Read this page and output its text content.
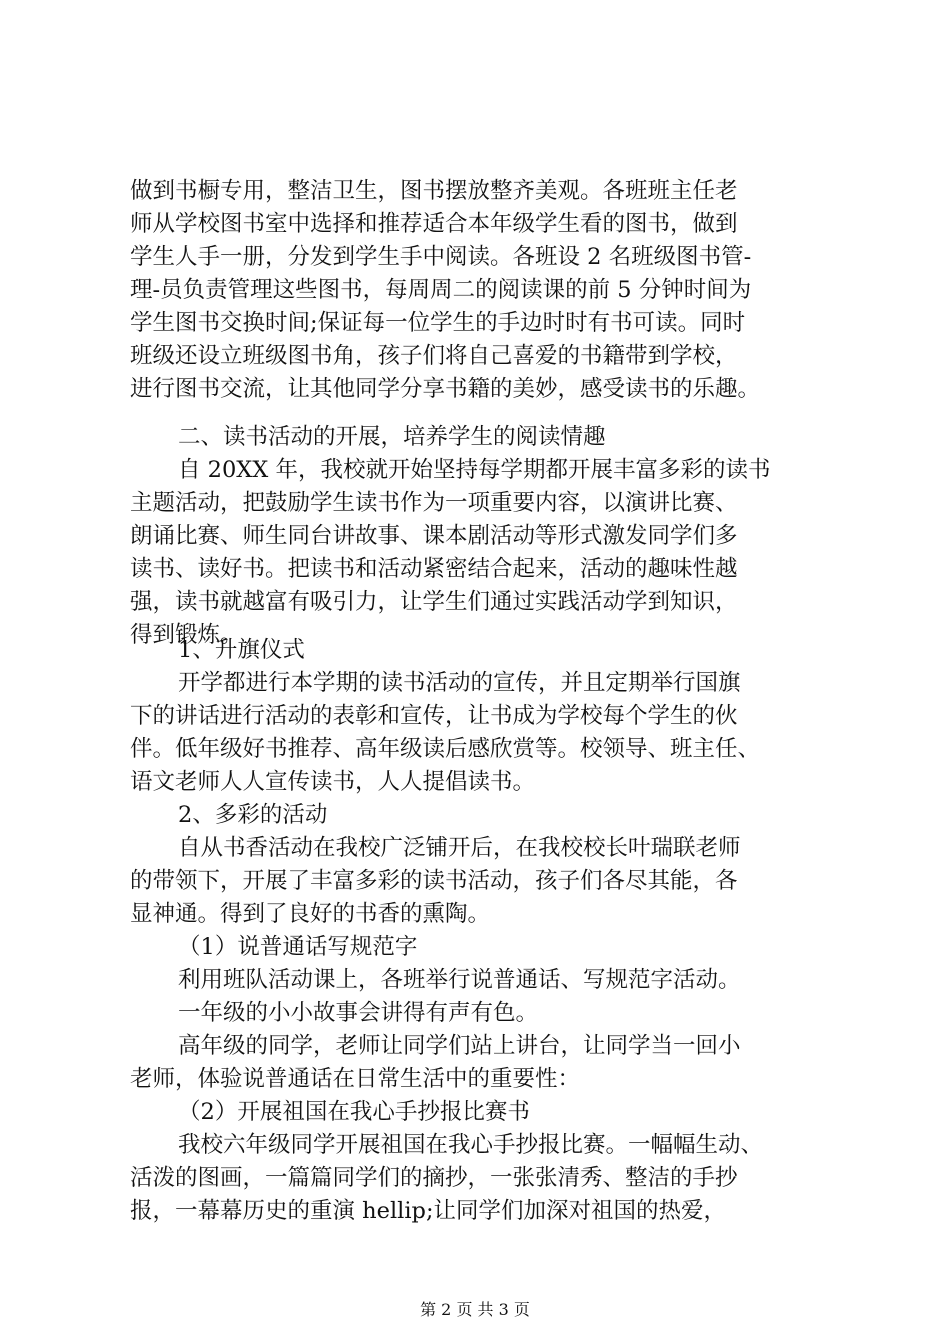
做到书橱专用，整洁卫生，图书摆放整齐美观。各班班主任老
师从学校图书室中选择和推荐适合本年级学生看的图书，做到
学生人手一册，分发到学生手中阅读。各班设 2 名班级图书管-
理-员负责管理这些图书，每周周二的阅读课的前 5 分钟时间为
学生图书交换时间;保证每一位学生的手边时时有书可读。同时
班级还设立班级图书角，孩子们将自己喜爱的书籍带到学校，
进行图书交流，让其他同学分享书籍的美妙，感受读书的乐趣。
二、读书活动的开展，培养学生的阅读情趣
自 20XX 年，我校就开始坚持每学期都开展丰富多彩的读书
主题活动，把鼓励学生读书作为一项重要内容，以演讲比赛、
朗诵比赛、师生同台讲故事、课本剧活动等形式激发同学们多
读书、读好书。把读书和活动紧密结合起来，活动的趣味性越
强，读书就越富有吸引力，让学生们通过实践活动学到知识，
得到锻炼。
1、升旗仪式
开学都进行本学期的读书活动的宣传，并且定期举行国旗
下的讲话进行活动的表彰和宣传，让书成为学校每个学生的伙
伴。低年级好书推荐、高年级读后感欣赏等。校领导、班主任、
语文老师人人宣传读书，人人提倡读书。
2、多彩的活动
自从书香活动在我校广泛铺开后，在我校校长叶瑞联老师
的带领下，开展了丰富多彩的读书活动，孩子们各尽其能，各
显神通。得到了良好的书香的熏陶。
（1）说普通话写规范字
利用班队活动课上，各班举行说普通话、写规范字活动。
一年级的小小故事会讲得有声有色。
高年级的同学，老师让同学们站上讲台，让同学当一回小
老师，体验说普通话在日常生活中的重要性：
（2）开展祖国在我心手抄报比赛书
我校六年级同学开展祖国在我心手抄报比赛。一幅幅生动、
活泼的图画，一篇篇同学们的摘抄，一张张清秀、整洁的手抄
报，一幕幕历史的重演 hellip;让同学们加深对祖国的热爱，
第 2 页 共 3 页
